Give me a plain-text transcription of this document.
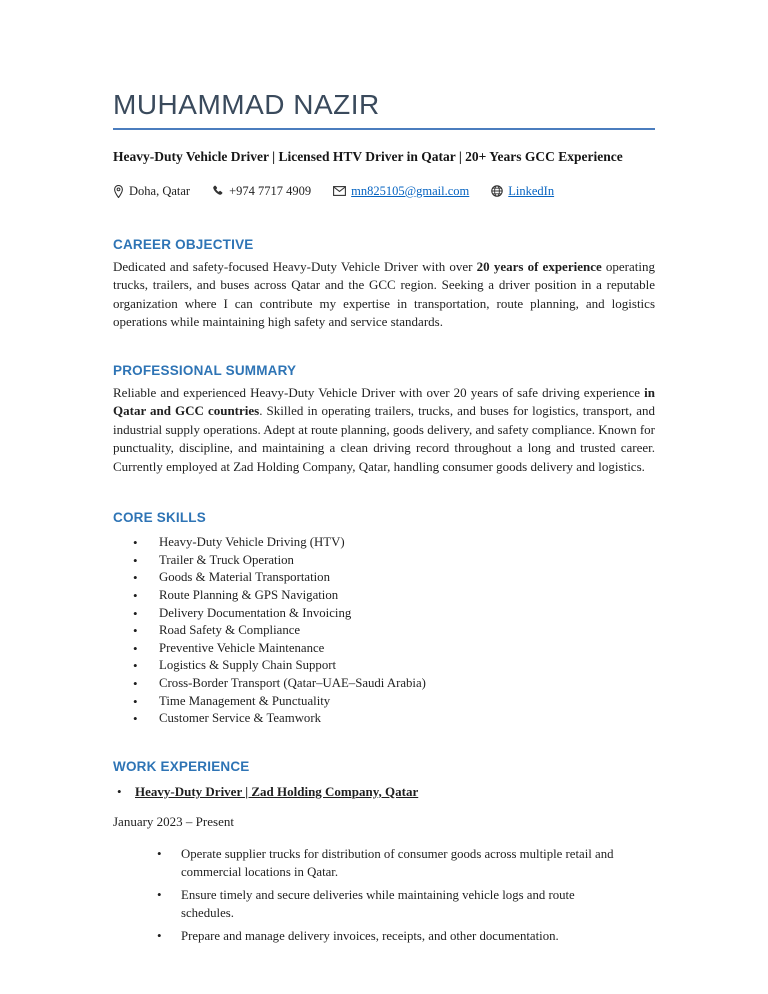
MUHAMMAD NAZIR
Heavy-Duty Vehicle Driver | Licensed HTV Driver in Qatar | 20+ Years GCC Experience
Doha, Qatar	+974 7717 4909	mn825105@gmail.com	LinkedIn
CAREER OBJECTIVE

Dedicated and safety-focused Heavy-Duty Vehicle Driver with over 20 years of experience operating trucks, trailers, and buses across Qatar and the GCC region. Seeking a driver position in a reputable organization where I can contribute my expertise in transportation, route planning, and logistics operations while maintaining high safety and service standards.

PROFESSIONAL SUMMARY

Reliable and experienced Heavy-Duty Vehicle Driver with over 20 years of safe driving experience in Qatar and GCC countries. Skilled in operating trailers, trucks, and buses for logistics, transport, and industrial supply operations. Adept at route planning, goods delivery, and safety compliance. Known for punctuality, discipline, and maintaining a clean driving record throughout a long and trusted career. Currently employed at Zad Holding Company, Qatar, handling consumer goods delivery and logistics.

CORE SKILLS
• Heavy-Duty Vehicle Driving (HTV)
• Trailer & Truck Operation
• Goods & Material Transportation
• Route Planning & GPS Navigation
• Delivery Documentation & Invoicing
• Road Safety & Compliance
• Preventive Vehicle Maintenance
• Logistics & Supply Chain Support
• Cross-Border Transport (Qatar–UAE–Saudi Arabia)
• Time Management & Punctuality
• Customer Service & Teamwork
WORK EXPERIENCE
• Heavy-Duty Driver | Zad Holding Company, Qatar
January 2023 – Present
• Operate supplier trucks for distribution of consumer goods across multiple retail and commercial locations in Qatar.
• Ensure timely and secure deliveries while maintaining vehicle logs and route schedules.
• Prepare and manage delivery invoices, receipts, and other documentation.
